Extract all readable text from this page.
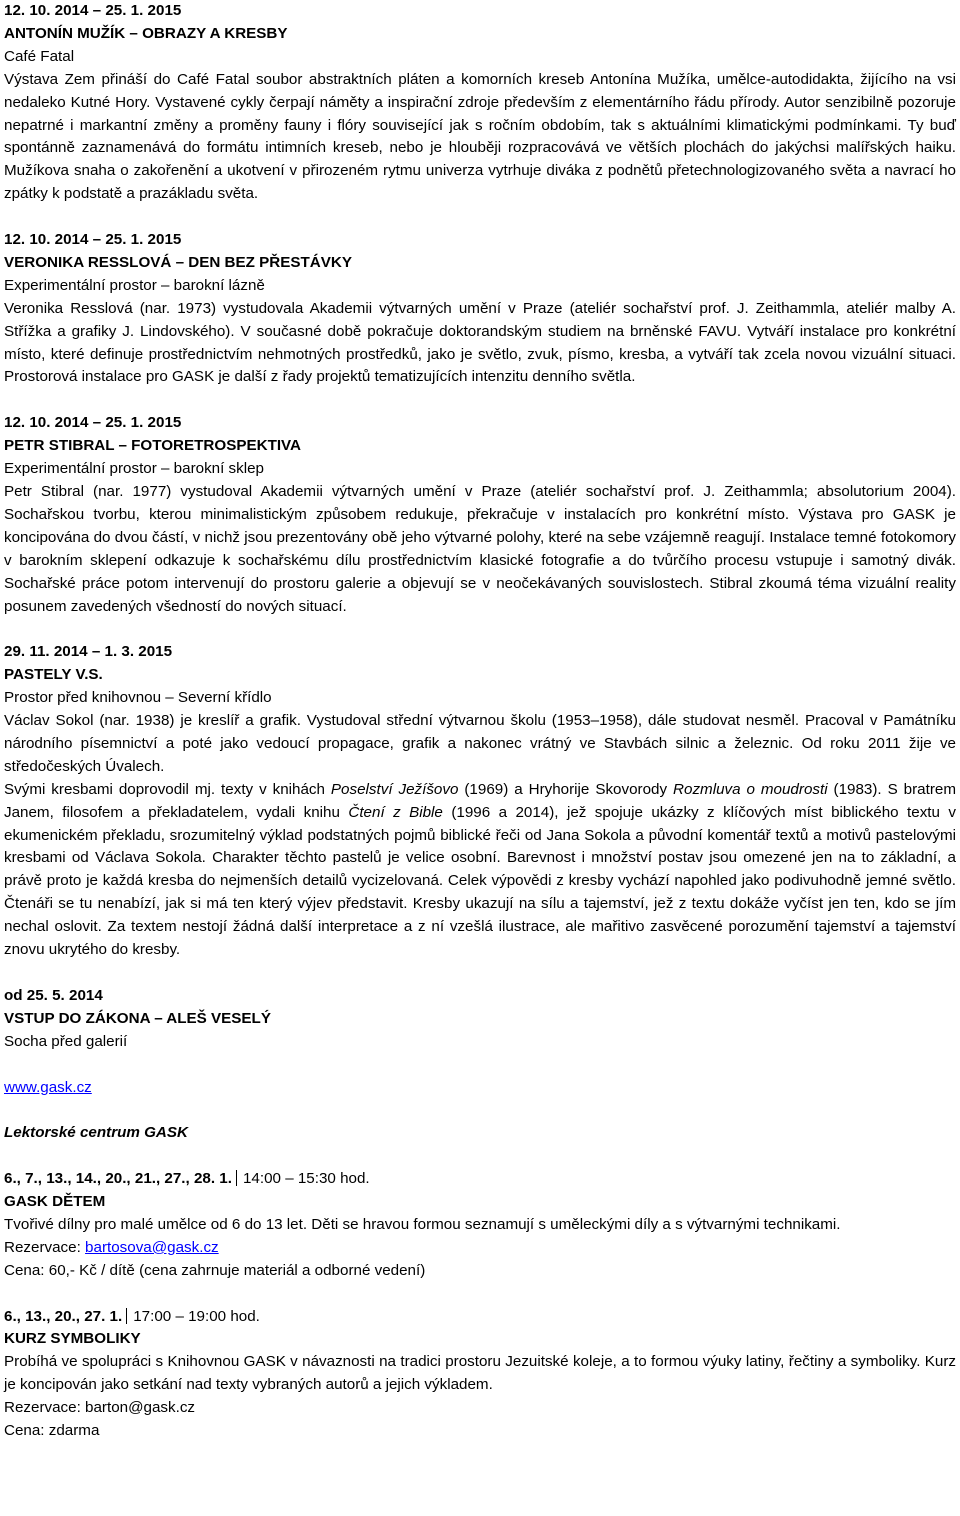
12. 10. 2014 – 25. 1. 2015

ANTONÍN MUŽÍK – OBRAZY A KRESBY

Café Fatal

Výstava Zem přináší do Café Fatal soubor abstraktních pláten a komorních kreseb Antonína Mužíka, umělce-autodidakta, žijícího na vsi nedaleko Kutné Hory. Vystavené cykly čerpají náměty a inspirační zdroje především z elementárního řádu přírody. Autor senzibilně pozoruje nepatrné i markantní změny a proměny fauny i flóry související jak s ročním obdobím, tak s aktuálními klimatickými podmínkami. Ty buď spontánně zaznamenává do formátu intimních kreseb, nebo je hlouběji rozpracovává ve větších plochách do jakýchsi malířských haiku. Mužíkova snaha o zakořenění a ukotvení v přirozeném rytmu univerza vytrhuje diváka z podnětů přetechnologizovaného světa a navrací ho zpátky k podstatě a prazákladu světa.

12. 10. 2014 – 25. 1. 2015

VERONIKA RESSLOVÁ – DEN BEZ PŘESTÁVKY

Experimentální prostor – barokní lázně

Veronika Resslová (nar. 1973) vystudovala Akademii výtvarných umění v Praze (ateliér sochařství prof. J. Zeithammla, ateliér malby A. Střížka a grafiky J. Lindovského). V současné době pokračuje doktorandským studiem na brněnské FAVU. Vytváří instalace pro konkrétní místo, které definuje prostřednictvím nehmotných prostředků, jako je světlo, zvuk, písmo, kresba, a vytváří tak zcela novou vizuální situaci. Prostorová instalace pro GASK je další z řady projektů tematizujících intenzitu denního světla.

12. 10. 2014 – 25. 1. 2015

PETR STIBRAL – FOTORETROSPEKTIVA

Experimentální prostor – barokní sklep

Petr Stibral (nar. 1977) vystudoval Akademii výtvarných umění v Praze (ateliér sochařství prof. J. Zeithammla; absolutorium 2004). Sochařskou tvorbu, kterou minimalistickým způsobem redukuje, překračuje v instalacích pro konkrétní místo. Výstava pro GASK je koncipována do dvou částí, v nichž jsou prezentovány obě jeho výtvarné polohy, které na sebe vzájemně reagují. Instalace temné fotokomory v barokním sklepení odkazuje k sochařskému dílu prostřednictvím klasické fotografie a do tvůrčího procesu vstupuje i samotný divák. Sochařské práce potom intervenují do prostoru galerie a objevují se v neočekávaných souvislostech. Stibral zkoumá téma vizuální reality posunem zavedených všedností do nových situací.

29. 11. 2014 – 1. 3. 2015

PASTELY V.S.

Prostor před knihovnou – Severní křídlo

Václav Sokol (nar. 1938) je kreslíř a grafik. Vystudoval střední výtvarnou školu (1953–1958), dále studovat nesměl. Pracoval v Památníku národního písemnictví a poté jako vedoucí propagace, grafik a nakonec vrátný ve Stavbách silnic a železnic. Od roku 2011 žije ve středočeských Úvalech.

Svými kresbami doprovodil mj. texty v knihách Poselství Ježíšovo (1969) a Hryhorije Skovorody Rozmluva o moudrosti (1983). S bratrem Janem, filosofem a překladatelem, vydali knihu Čtení z Bible (1996 a 2014), jež spojuje ukázky z klíčových míst biblického textu v ekumenickém překladu, srozumitelný výklad podstatných pojmů biblické řeči od Jana Sokola a původní komentář textů a motivů pastelovými kresbami od Václava Sokola. Charakter těchto pastelů je velice osobní. Barevnost i množství postav jsou omezené jen na to základní, a právě proto je každá kresba do nejmenších detailů vycizelovaná. Celek výpovědi z kresby vychází napohled jako podivuhodně jemné světlo. Čtenáři se tu nenabízí, jak si má ten který výjev představit. Kresby ukazují na sílu a tajemství, jež z textu dokáže vyčíst jen ten, kdo se jím nechal oslovit. Za textem nestojí žádná další interpretace a z ní vzešlá ilustrace, ale mařitivo zasvěcené porozumění tajemství a tajemství znovu ukrytého do kresby.

od 25. 5. 2014

VSTUP DO ZÁKONA – ALEŠ VESELÝ

Socha před galerií

www.gask.cz

Lektorské centrum GASK

6., 7., 13., 14., 20., 21., 27., 28. 1. 14:00 – 15:30 hod.

GASK DĚTEM

Tvořivé dílny pro malé umělce od 6 do 13 let. Děti se hravou formou seznamují s uměleckými díly a s výtvarnými technikami.

Rezervace: bartosova@gask.cz

Cena: 60,- Kč / dítě (cena zahrnuje materiál a odborné vedení)

6., 13., 20., 27. 1. 17:00 – 19:00 hod.

KURZ SYMBOLIKY

Probíhá ve spolupráci s Knihovnou GASK v návaznosti na tradici prostoru Jezuitské koleje, a to formou výuky latiny, řečtiny a symboliky. Kurz je koncipován jako setkání nad texty vybraných autorů a jejich výkladem.

Rezervace: barton@gask.cz

Cena: zdarma
